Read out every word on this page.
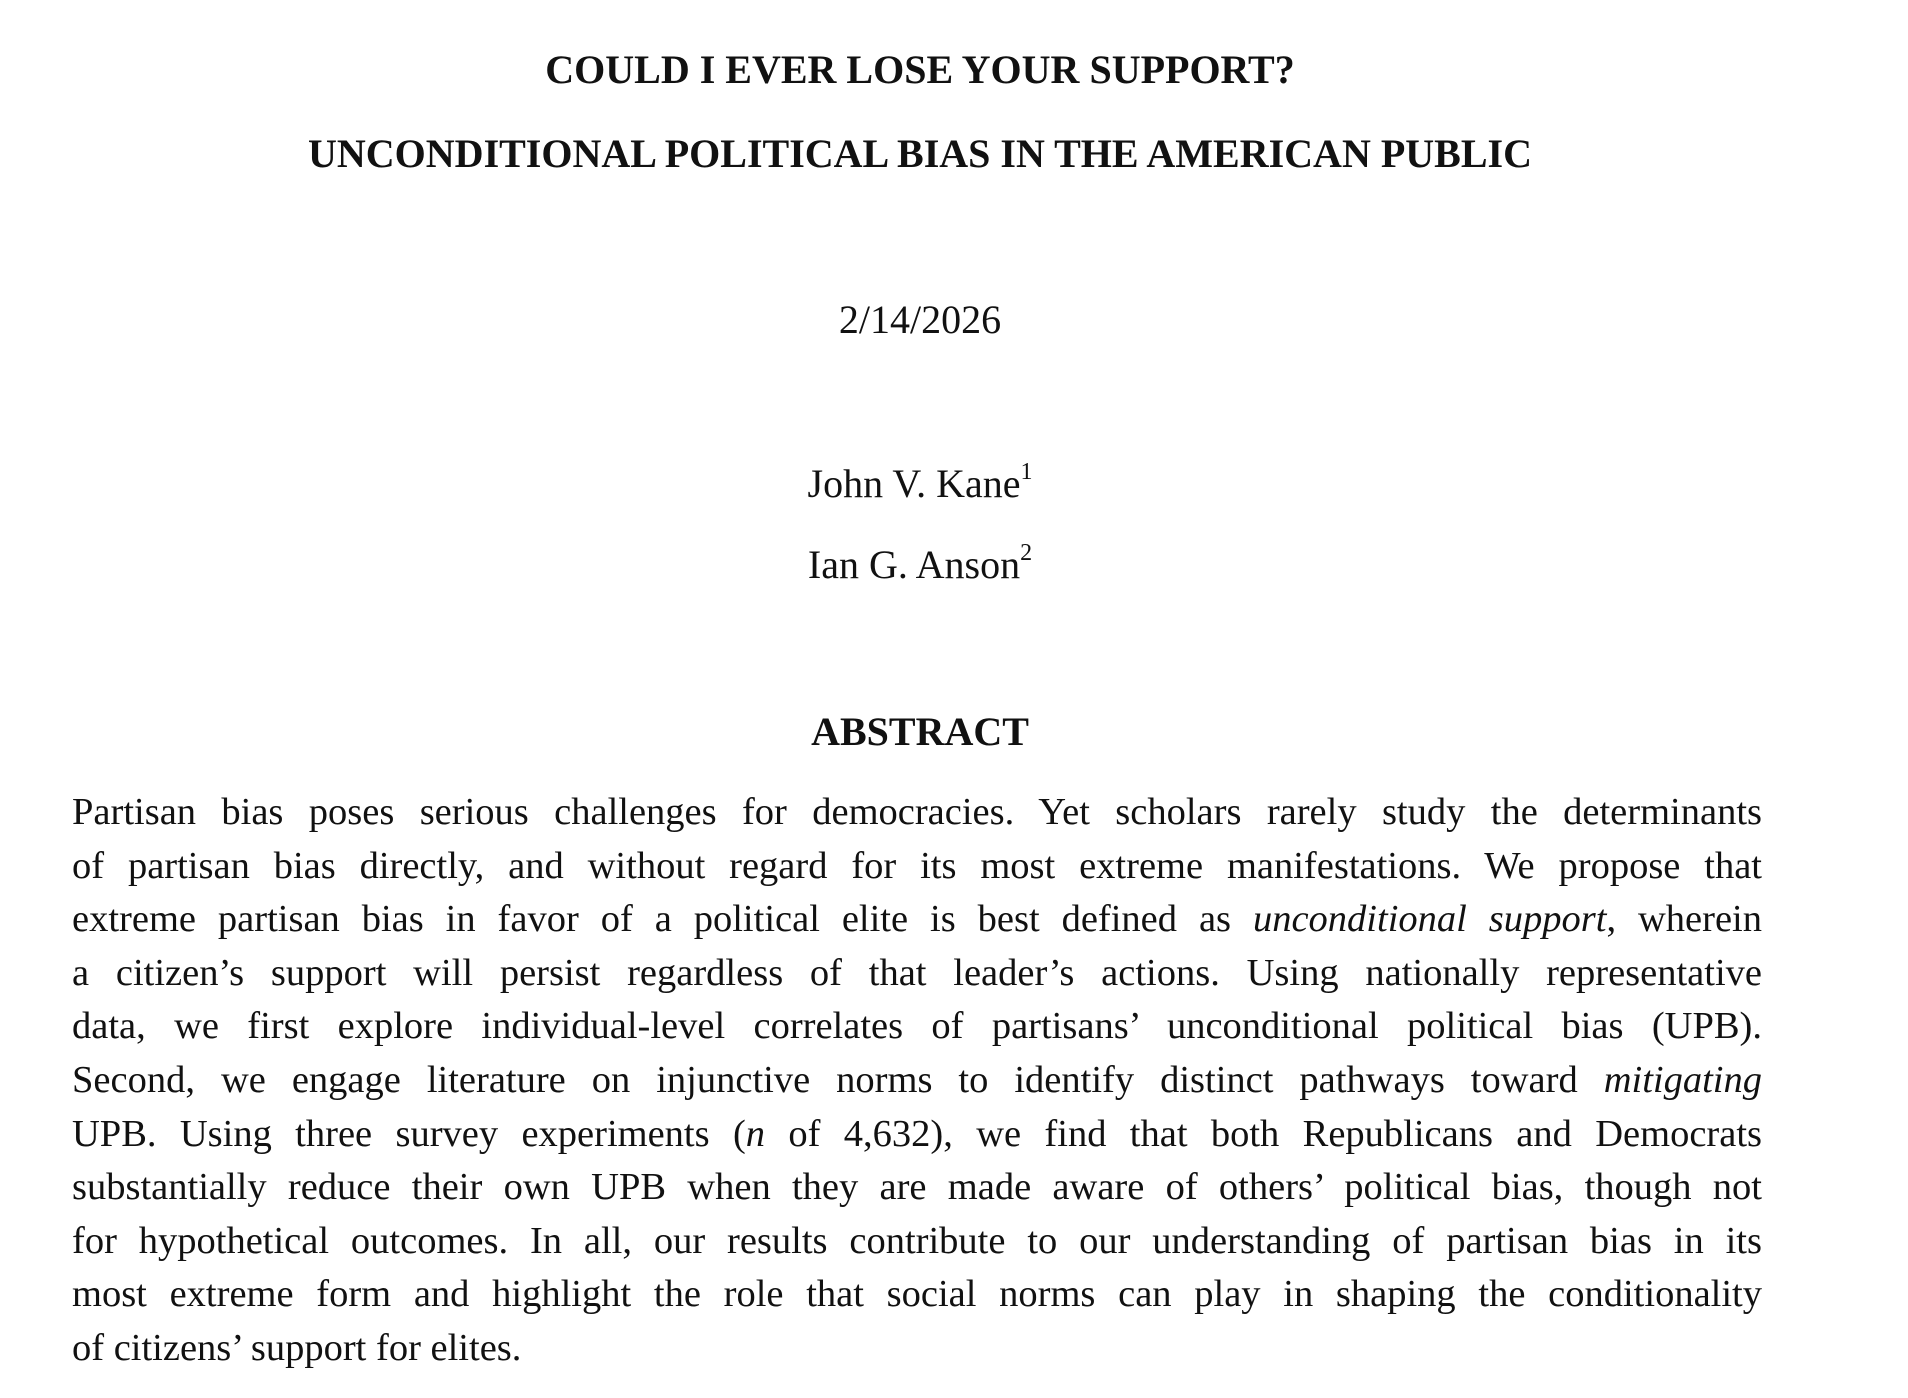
COULD I EVER LOSE YOUR SUPPORT?
UNCONDITIONAL POLITICAL BIAS IN THE AMERICAN PUBLIC
2/14/2026
John V. Kane$^1$
Ian G. Anson$^2$
ABSTRACT
Partisan bias poses serious challenges for democracies. Yet scholars rarely study the determinants
of partisan bias directly, and without regard for its most extreme manifestations. We propose that
extreme partisan bias in favor of a political elite is best defined as unconditional support, wherein
a citizen’s support will persist regardless of that leader’s actions. Using nationally representative
data, we first explore individual-level correlates of partisans’ unconditional political bias (UPB).
Second, we engage literature on injunctive norms to identify distinct pathways toward mitigating
UPB. Using three survey experiments (n of 4,632), we find that both Republicans and Democrats
substantially reduce their own UPB when they are made aware of others’ political bias, though not
for hypothetical outcomes. In all, our results contribute to our understanding of partisan bias in its
most extreme form and highlight the role that social norms can play in shaping the conditionality
of citizens’ support for elites.
